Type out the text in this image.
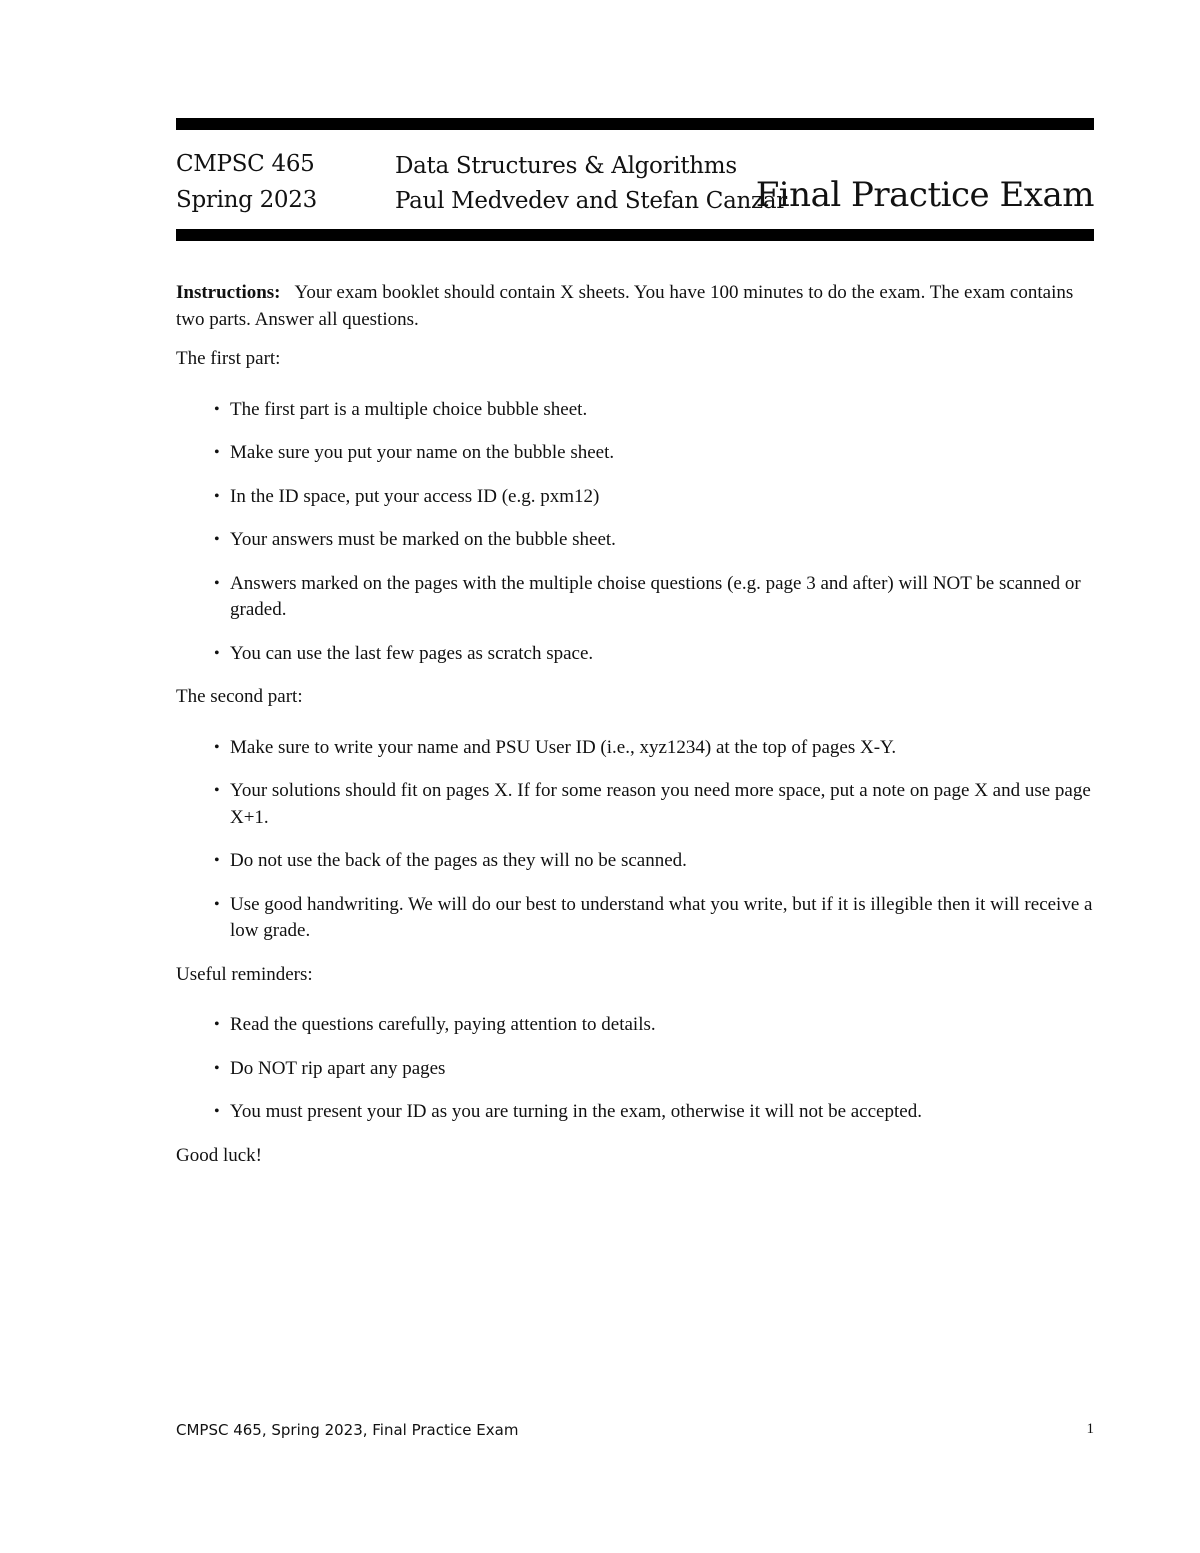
CMPSC 465
Spring 2023
Data Structures & Algorithms
Paul Medvedev and Stefan Canzar
Final Practice Exam

Instructions: Your exam booklet should contain X sheets. You have 100 minutes to do the exam. The exam contains two parts. Answer all questions.

The first part:

• The first part is a multiple choice bubble sheet.
• Make sure you put your name on the bubble sheet.
• In the ID space, put your access ID (e.g. pxm12)
• Your answers must be marked on the bubble sheet.
• Answers marked on the pages with the multiple choise questions (e.g. page 3 and after) will NOT be scanned or graded.
• You can use the last few pages as scratch space.

The second part:

• Make sure to write your name and PSU User ID (i.e., xyz1234) at the top of pages X-Y.
• Your solutions should fit on pages X. If for some reason you need more space, put a note on page X and use page X+1.
• Do not use the back of the pages as they will no be scanned.
• Use good handwriting. We will do our best to understand what you write, but if it is illegible then it will receive a low grade.

Useful reminders:

• Read the questions carefully, paying attention to details.
• Do NOT rip apart any pages
• You must present your ID as you are turning in the exam, otherwise it will not be accepted.

Good luck!

CMPSC 465, Spring 2023, Final Practice Exam	1
